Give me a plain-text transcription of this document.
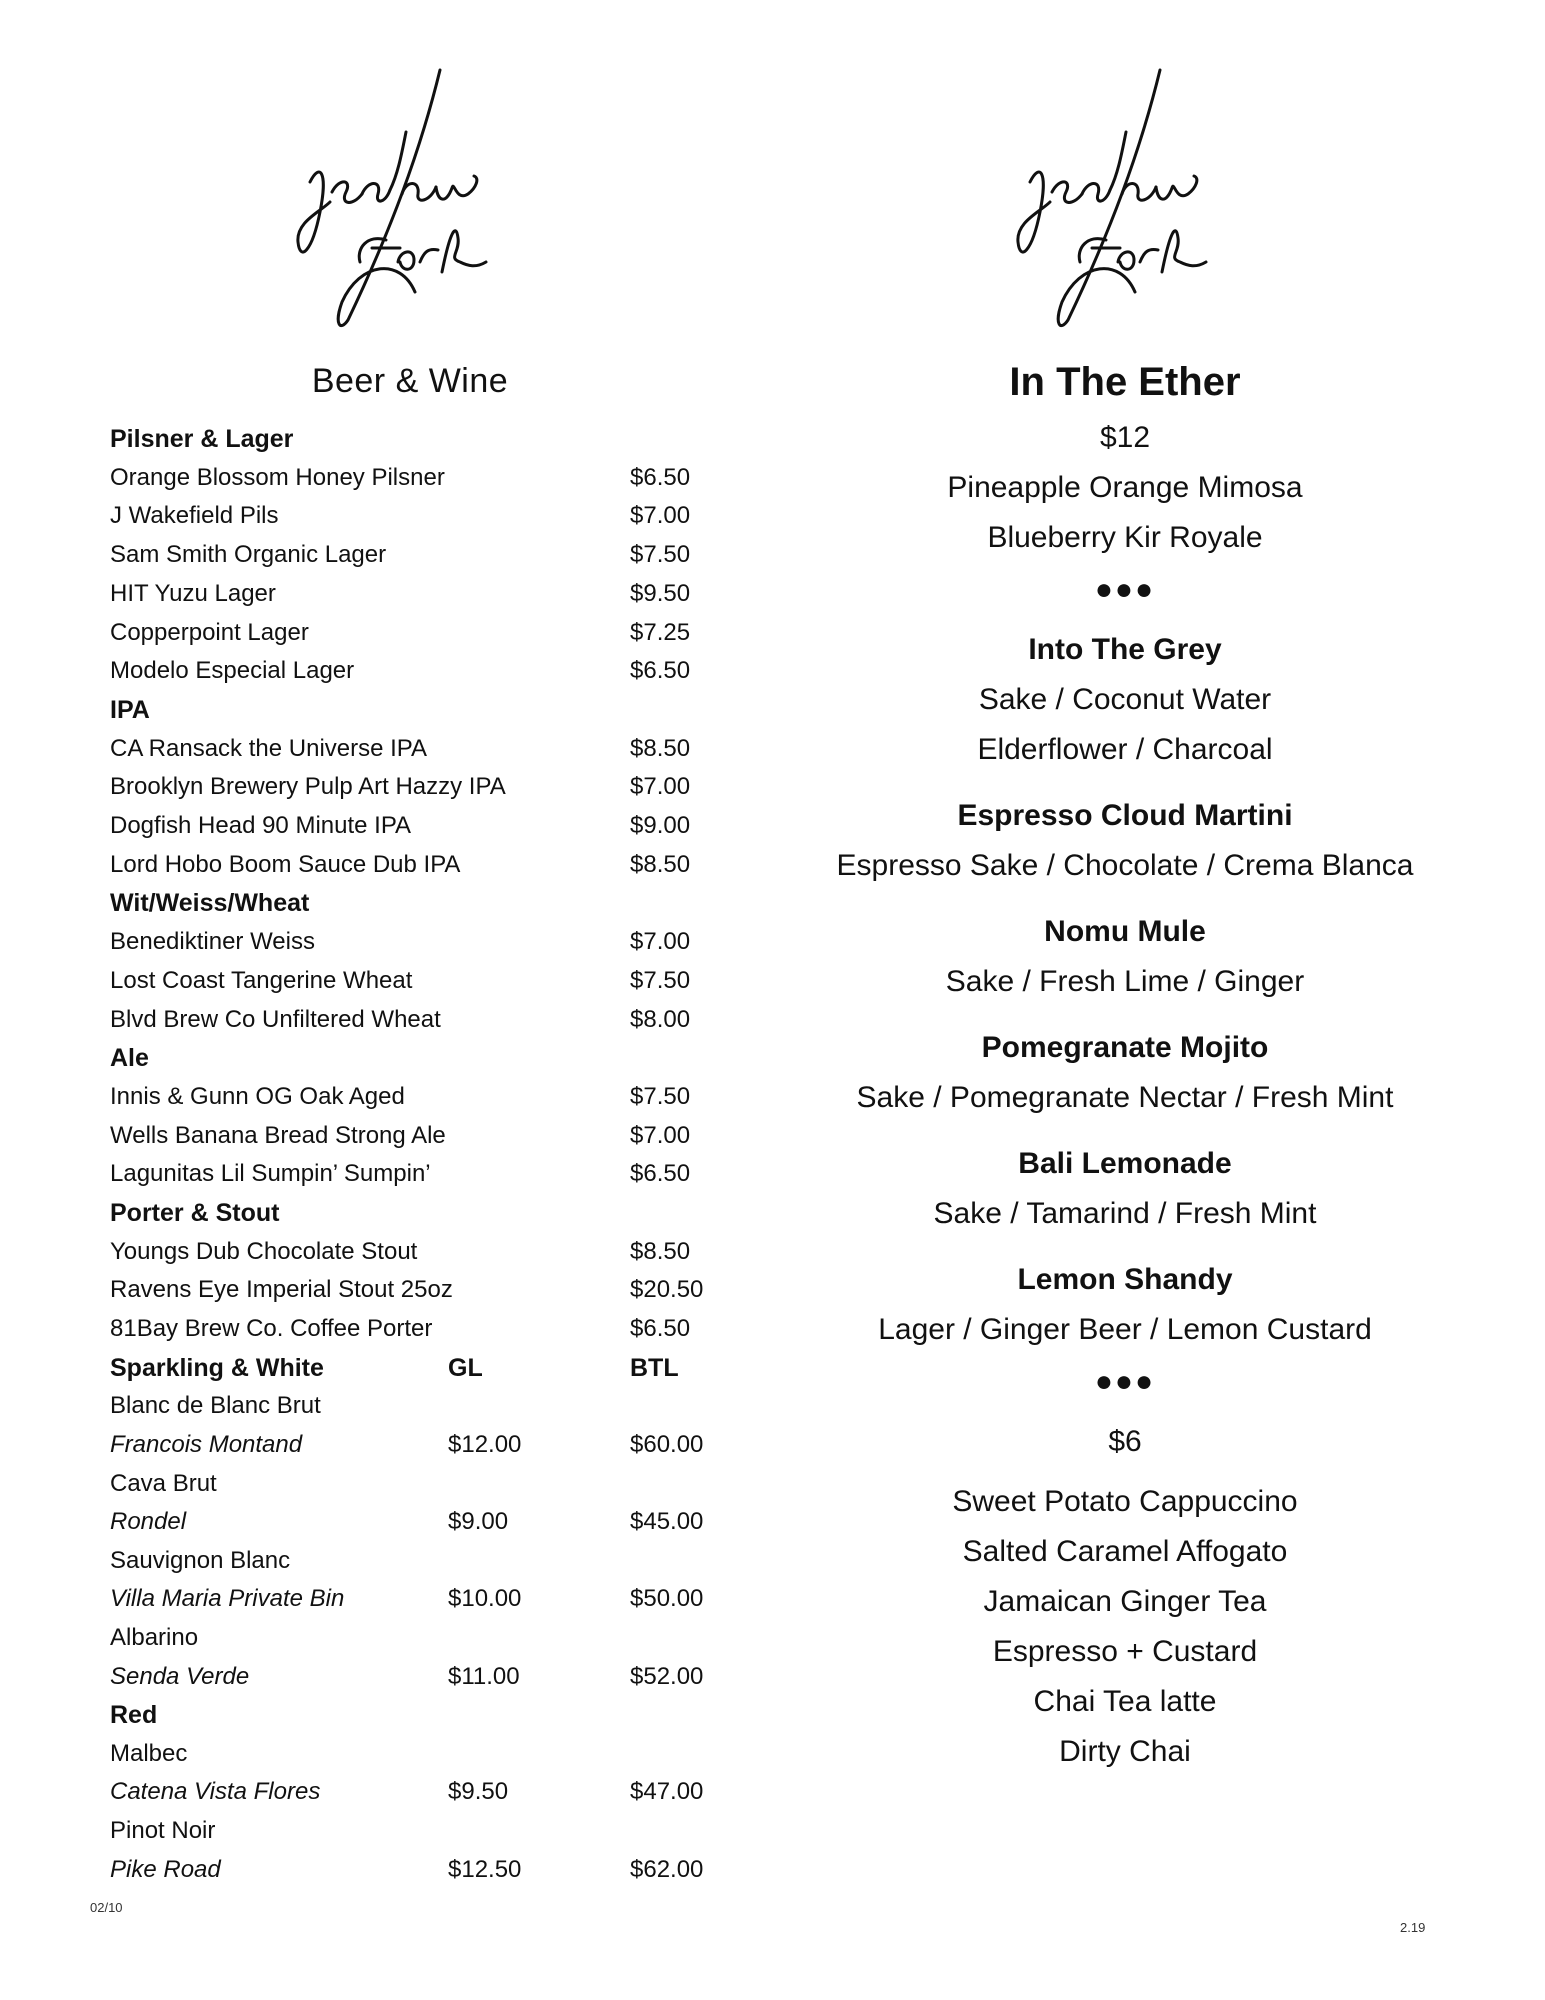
Beer & Wine
Pilsner & Lager
Orange Blossom Honey Pilsner	$6.50
J Wakefield Pils	$7.00
Sam Smith Organic Lager	$7.50
HIT Yuzu Lager	$9.50
Copperpoint Lager	$7.25
Modelo Especial Lager	$6.50
IPA
CA Ransack the Universe IPA	$8.50
Brooklyn Brewery Pulp Art Hazzy IPA	$7.00
Dogfish Head 90 Minute IPA	$9.00
Lord Hobo Boom Sauce Dub IPA	$8.50
Wit/Weiss/Wheat
Benediktiner Weiss	$7.00
Lost Coast Tangerine Wheat	$7.50
Blvd Brew Co Unfiltered Wheat	$8.00
Ale
Innis & Gunn OG Oak Aged	$7.50
Wells Banana Bread Strong Ale	$7.00
Lagunitas Lil Sumpin’ Sumpin’	$6.50
Porter & Stout
Youngs Dub Chocolate Stout	$8.50
Ravens Eye Imperial Stout 25oz	$20.50
81Bay Brew Co. Coffee Porter	$6.50
Sparkling & White	GL	BTL
Blanc de Blanc Brut
Francois Montand	$12.00	$60.00
Cava Brut
Rondel	$9.00	$45.00
Sauvignon Blanc
Villa Maria Private Bin	$10.00	$50.00
Albarino
Senda Verde	$11.00	$52.00
Red
Malbec
Catena Vista Flores	$9.50	$47.00
Pinot Noir
Pike Road	$12.50	$62.00

In The Ether

$12

Pineapple Orange Mimosa

Blueberry Kir Royale

●●●

Into The Grey

Sake / Coconut Water

Elderflower / Charcoal

Espresso Cloud Martini

Espresso Sake / Chocolate / Crema Blanca

Nomu Mule

Sake / Fresh Lime / Ginger

Pomegranate Mojito

Sake / Pomegranate Nectar / Fresh Mint

Bali Lemonade

Sake / Tamarind / Fresh Mint

Lemon Shandy

Lager / Ginger Beer / Lemon Custard

●●●

$6

Sweet Potato Cappuccino

Salted Caramel Affogato

Jamaican Ginger Tea

Espresso + Custard

Chai Tea latte

Dirty Chai

02/10
2.19
